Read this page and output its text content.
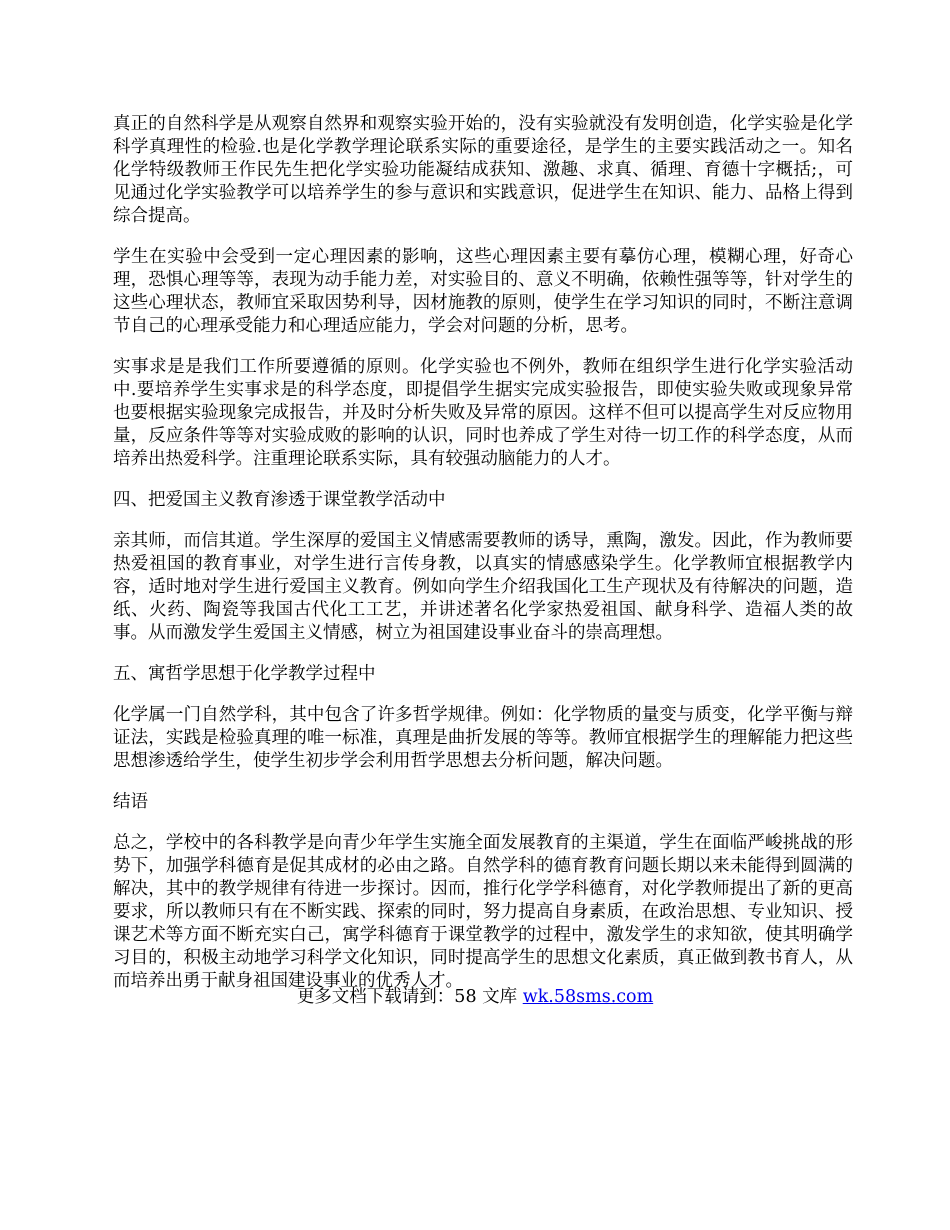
真正的自然科学是从观察自然界和观察实验开始的，没有实验就没有发明创造，化学实验是化学科学真理性的检验.也是化学教学理论联系实际的重要途径，是学生的主要实践活动之一。知名化学特级教师王作民先生把化学实验功能凝结成获知、激趣、求真、循理、育德十字概括;，可见通过化学实验教学可以培养学生的参与意识和实践意识，促进学生在知识、能力、品格上得到综合提高。

学生在实验中会受到一定心理因素的影响，这些心理因素主要有摹仿心理，模糊心理，好奇心理，恐惧心理等等，表现为动手能力差，对实验目的、意义不明确，依赖性强等等，针对学生的这些心理状态，教师宜采取因势利导，因材施教的原则，使学生在学习知识的同时，不断注意调节自己的心理承受能力和心理适应能力，学会对问题的分析，思考。

实事求是是我们工作所要遵循的原则。化学实验也不例外，教师在组织学生进行化学实验活动中.要培养学生实事求是的科学态度，即提倡学生据实完成实验报告，即使实验失败或现象异常也要根据实验现象完成报告，并及时分析失败及异常的原因。这样不但可以提高学生对反应物用量，反应条件等等对实验成败的影响的认识，同时也养成了学生对待一切工作的科学态度，从而培养出热爱科学。注重理论联系实际，具有较强动脑能力的人才。

四、把爱国主义教育渗透于课堂教学活动中

亲其师，而信其道。学生深厚的爱国主义情感需要教师的诱导，熏陶，激发。因此，作为教师要热爱祖国的教育事业，对学生进行言传身教，以真实的情感感染学生。化学教师宜根据教学内容，适时地对学生进行爱国主义教育。例如向学生介绍我国化工生产现状及有待解决的问题，造纸、火药、陶瓷等我国古代化工工艺，并讲述著名化学家热爱祖国、献身科学、造福人类的故事。从而激发学生爱国主义情感，树立为祖国建设事业奋斗的崇高理想。

五、寓哲学思想于化学教学过程中

化学属一门自然学科，其中包含了许多哲学规律。例如：化学物质的量变与质变，化学平衡与辩证法，实践是检验真理的唯一标准，真理是曲折发展的等等。教师宜根据学生的理解能力把这些思想渗透给学生，使学生初步学会利用哲学思想去分析问题，解决问题。

结语

总之，学校中的各科教学是向青少年学生实施全面发展教育的主渠道，学生在面临严峻挑战的形势下，加强学科德育是促其成材的必由之路。自然学科的德育教育问题长期以来未能得到圆满的解决，其中的教学规律有待进一步探讨。因而，推行化学学科德育，对化学教师提出了新的更高要求，所以教师只有在不断实践、探索的同时，努力提高自身素质，在政治思想、专业知识、授课艺术等方面不断充实白己，寓学科德育于课堂教学的过程中，激发学生的求知欲，使其明确学习目的，积极主动地学习科学文化知识，同时提高学生的思想文化素质，真正做到教书育人，从而培养出勇于献身祖国建设事业的优秀人才。

更多文档下载请到：58 文库 wk.58sms.com
